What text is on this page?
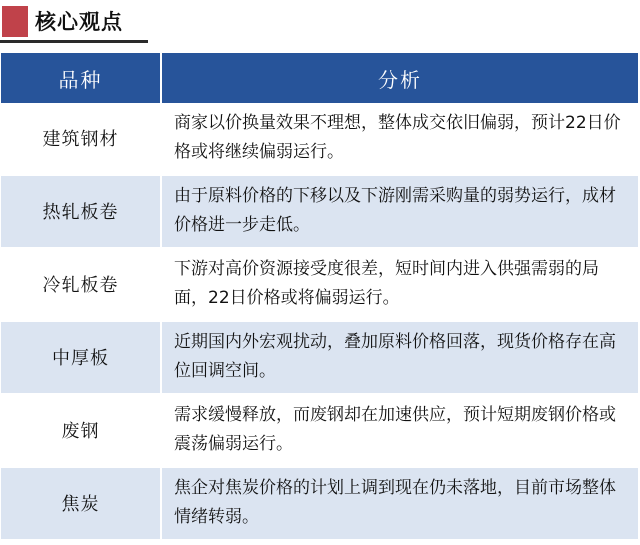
核心观点
品种	分析
建筑钢材	商家以价换量效果不理想，整体成交依旧偏弱，预计22日价格或将继续偏弱运行。
热轧板卷	由于原料价格的下移以及下游刚需采购量的弱势运行，成材价格进一步走低。
冷轧板卷	下游对高价资源接受度很差，短时间内进入供强需弱的局面，22日价格或将偏弱运行。
中厚板	近期国内外宏观扰动，叠加原料价格回落，现货价格存在高位回调空间。
废钢	需求缓慢释放，而废钢却在加速供应，预计短期废钢价格或震荡偏弱运行。
焦炭	焦企对焦炭价格的计划上调到现在仍未落地，目前市场整体情绪转弱。
